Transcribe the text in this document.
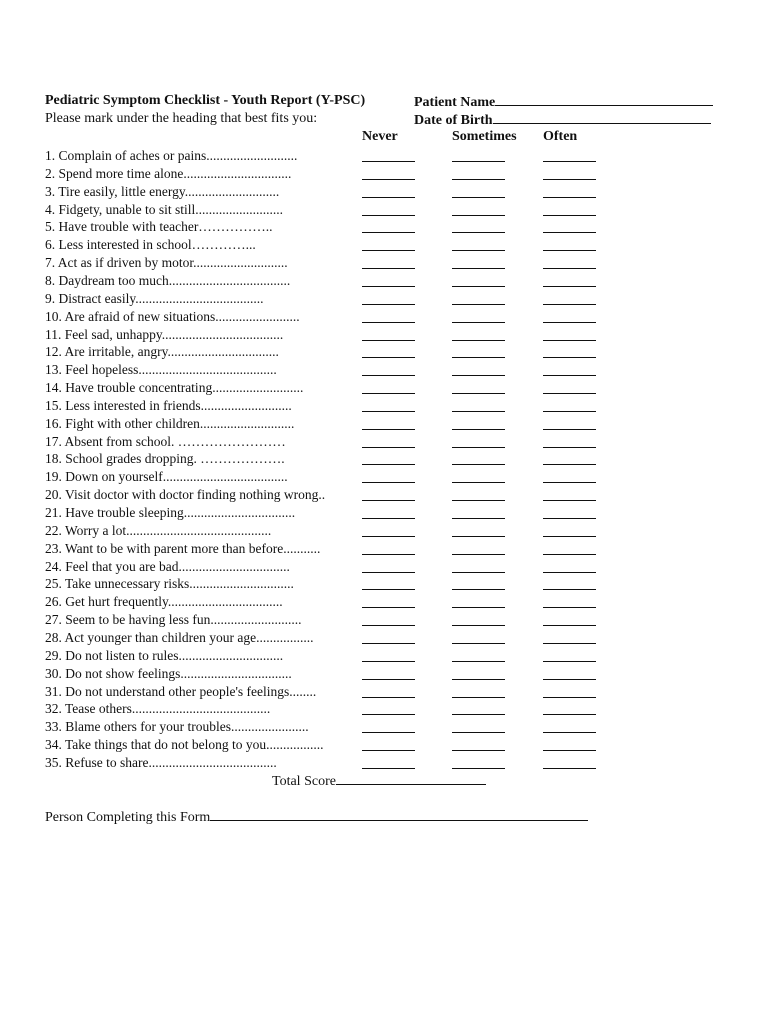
Pediatric Symptom Checklist - Youth Report (Y-PSC)
Please mark under the heading that best fits you:
Patient Name
Date of Birth
Never	Sometimes Often
1. Complain of aches or pains...........................
2. Spend more time alone................................
3. Tire easily, little energy............................
4. Fidgety, unable to sit still..........................
5. Have trouble with teacher……………..
6. Less interested in school…………...
7. Act as if driven by motor............................
8. Daydream too much....................................
9. Distract easily......................................
10. Are afraid of new situations.........................
11. Feel sad, unhappy....................................
12. Are irritable, angry.................................
13. Feel hopeless.........................................
14. Have trouble concentrating...........................
15. Less interested in friends...........................
16. Fight with other children............................
17. Absent from school. ……………………
18. School grades dropping. ……………….
19. Down on yourself.....................................
20. Visit doctor with doctor finding nothing wrong..
21. Have trouble sleeping.................................
22. Worry a lot...........................................
23. Want to be with parent more than before...........
24. Feel that you are bad.................................
25. Take unnecessary risks...............................
26. Get hurt frequently..................................
27. Seem to be having less fun...........................
28. Act younger than children your age.................
29. Do not listen to rules...............................
30. Do not show feelings.................................
31. Do not understand other people's feelings........
32. Tease others.........................................
33. Blame others for your troubles.......................
34. Take things that do not belong to you.................
35. Refuse to share......................................
Total Score
Person Completing this Form
